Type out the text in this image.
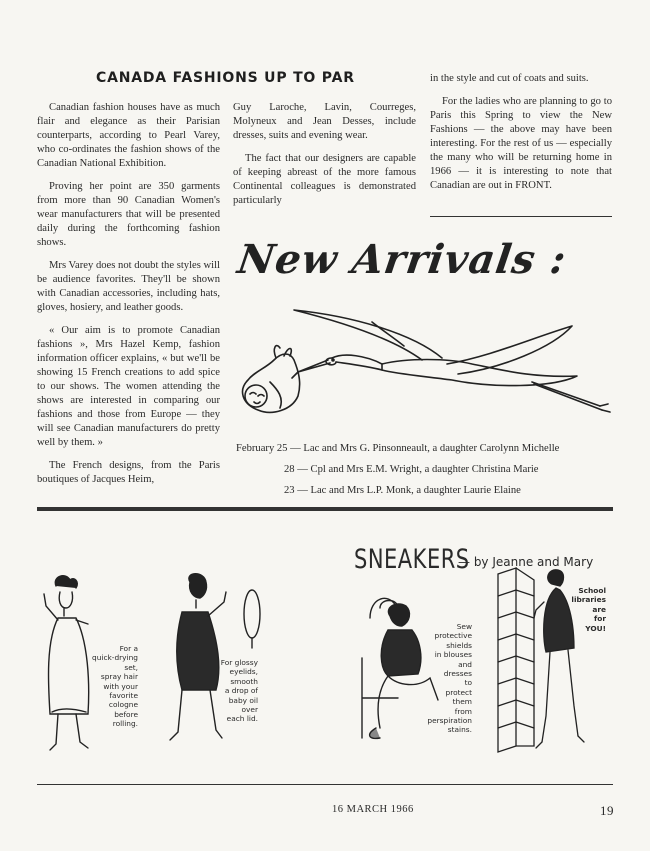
CANADA FASHIONS UP TO PAR

Canadian fashion houses have as much flair and elegance as their Parisian counterparts, according to Pearl Varey, who co-ordinates the fashion shows of the Canadian National Exhibition.

Proving her point are 350 garments from more than 90 Canadian Women's wear manufacturers that will be presented daily during the forthcoming fashion shows.

Mrs Varey does not doubt the styles will be audience favorites. They'll be shown with Canadian accessories, including hats, gloves, hosiery, and leather goods.

« Our aim is to promote Canadian fashions », Mrs Hazel Kemp, fashion information officer explains, « but we'll be showing 15 French creations to add spice to our shows. The women attending the shows are interested in comparing our fashions and those from Europe — they will see Canadian manufacturers do pretty well by them. »

The French designs, from the Paris boutiques of Jacques Heim,

Guy Laroche, Lavin, Courreges, Molyneux and Jean Desses, include dresses, suits and evening wear.

The fact that our designers are capable of keeping abreast of the more famous Continental colleagues is demonstrated particularly

in the style and cut of coats and suits.

For the ladies who are planning to go to Paris this Spring to view the New Fashions — the above may have been interesting. For the rest of us — especially the many who will be returning home in 1966 — it is interesting to note that Canadian are out in FRONT.

New Arrivals :
February 25 — Lac and Mrs G. Pinsonneault, a daughter Carolynn Michelle
28 — Cpl and Mrs E.M. Wright, a daughter Christina Marie
23 — Lac and Mrs L.P. Monk, a daughter Laurie Elaine
SNEAKERS
— by Jeanne and Mary
For a
quick-drying
set,
spray hair
with your
favorite
cologne
before
rolling.
For glossy
eyelids,
smooth
a drop of
baby oil
over
each lid.
Sew
protective
shields
in blouses
and
dresses
to
protect
them
from
perspiration
stains.
School
libraries
are
for
YOU!
16 MARCH 1966	19
